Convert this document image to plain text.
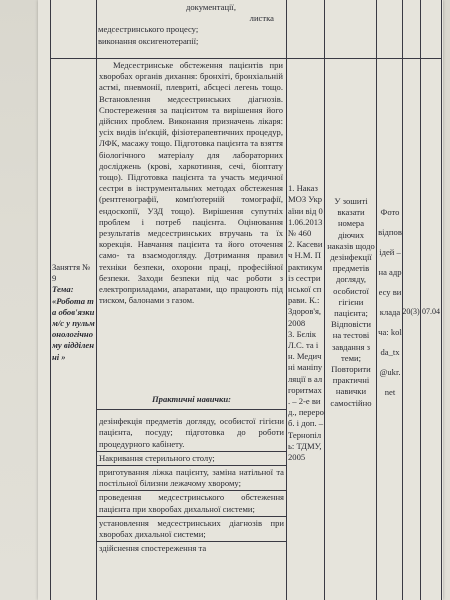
документації,
листка
медсестринського процесу;
виконання оксигенотерапії;
Заняття № 9
Тема:
«Робота та обов'язки м/с у пульмонологічному відділенні »

Медсестринське обстеження пацієнтів при хворобах органів дихання: бронхіті, бронхіальній астмі, пневмонії, плевриті, абсцесі легень тощо. Встановлення медсестринських діагнозів. Спостереження за пацієнтом та вирішення його дійсних проблем. Виконання призначень лікаря: усіх видів ін'єкцій, фізіотерапевтичних процедур, ЛФК, масажу тощо. Підготовка пацієнта та взяття біологічного матеріалу для лабораторних досліджень (крові, харкотиння, сечі, біоптату тощо). Підготовка пацієнта та участь медичної сестри в інструментальних методах обстеження (рентгенографії, комп'ютерній томографії, ендоскопії, УЗД тощо). Вирішення супутніх проблем і потреб пацієнта. Оцінювання результатів медсестринських втручань та їх корекція. Навчання пацієнта та його оточення само- та взаємодогляду. Дотримання правил техніки безпеки, охорони праці, професійної безпеки. Заходи безпеки під час роботи з електроприладами, апаратами, що працюють під тиском, балонами з газом.

Практичні навички:
дезінфекція предметів догляду, особистої гігієни пацієнта, посуду; підготовка до роботи процедурного кабінету.
Накривання стерильного столу;
приготування ліжка пацієнту, заміна натільної та постільної білизни лежачому хворому;
проведення медсестринського обстеження пацієнта при хворобах дихальної системи;
установлення медсестринських діагнозів при хворобах дихальної системи;
здійснення спостереження та

1. Наказ МОЗ України від 01.06.2013 № 460
2. Касевич Н.М. Практикум із сестринської справи. К.: Здоров'я, 2008
3. Бєлік Л.С. та ін. Медичні маніпуляції в алгоритмах . – 2-е вид., перероб. і доп. – Тернопіль: ТДМУ, 2005

У зошиті вказати номера діючих наказів щодо дезінфекції предметів догляду, особистої гігієни пацієнта; Відповісти на тестові завдання з теми; Повторити практичні навички самостійно
Фото відповідей – на адресу викладача: kolda_tx@ukr.net
20(3) 07.04
